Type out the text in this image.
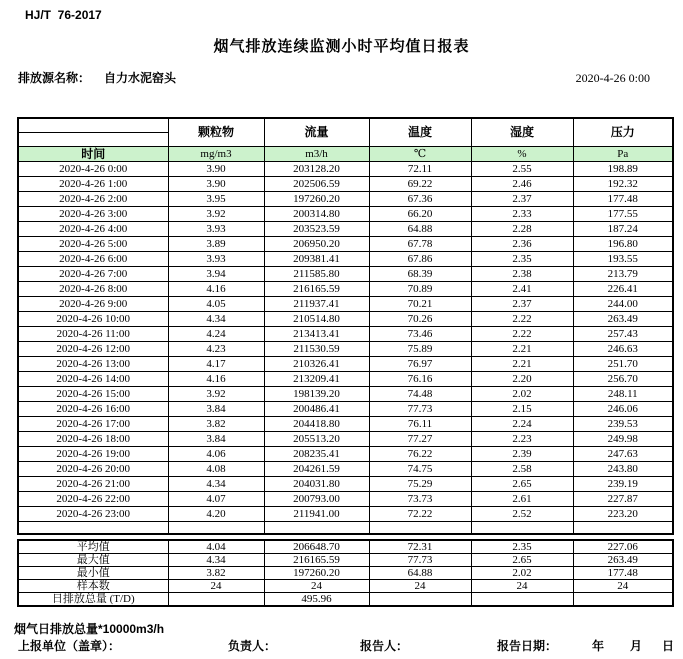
HJ/T  76-2017
烟气排放连续监测小时平均值日报表
排放源名称： 自力水泥窑头	2020-4-26 0:00
	颗粒物	流量	温度	湿度	压力

时间	mg/m3	m3/h	℃	%	Pa
2020-4-26 0:00	3.90	203128.20	72.11	2.55	198.89
2020-4-26 1:00	3.90	202506.59	69.22	2.46	192.32
2020-4-26 2:00	3.95	197260.20	67.36	2.37	177.48
2020-4-26 3:00	3.92	200314.80	66.20	2.33	177.55
2020-4-26 4:00	3.93	203523.59	64.88	2.28	187.24
2020-4-26 5:00	3.89	206950.20	67.78	2.36	196.80
2020-4-26 6:00	3.93	209381.41	67.86	2.35	193.55
2020-4-26 7:00	3.94	211585.80	68.39	2.38	213.79
2020-4-26 8:00	4.16	216165.59	70.89	2.41	226.41
2020-4-26 9:00	4.05	211937.41	70.21	2.37	244.00
2020-4-26 10:00	4.34	210514.80	70.26	2.22	263.49
2020-4-26 11:00	4.24	213413.41	73.46	2.22	257.43
2020-4-26 12:00	4.23	211530.59	75.89	2.21	246.63
2020-4-26 13:00	4.17	210326.41	76.97	2.21	251.70
2020-4-26 14:00	4.16	213209.41	76.16	2.20	256.70
2020-4-26 15:00	3.92	198139.20	74.48	2.02	248.11
2020-4-26 16:00	3.84	200486.41	77.73	2.15	246.06
2020-4-26 17:00	3.82	204418.80	76.11	2.24	239.53
2020-4-26 18:00	3.84	205513.20	77.27	2.23	249.98
2020-4-26 19:00	4.06	208235.41	76.22	2.39	247.63
2020-4-26 20:00	4.08	204261.59	74.75	2.58	243.80
2020-4-26 21:00	4.34	204031.80	75.29	2.65	239.19
2020-4-26 22:00	4.07	200793.00	73.73	2.61	227.87
2020-4-26 23:00	4.20	211941.00	72.22	2.52	223.20

平均值	4.04	206648.70	72.31	2.35	227.06
最大值	4.34	216165.59	77.73	2.65	263.49
最小值	3.82	197260.20	64.88	2.02	177.48
样本数	24	24	24	24	24
日排放总量 (T/D)		495.96			
烟气日排放总量*10000m3/h
上报单位（盖章）：	负责人：	报告人：	报告日期：	年 月 日
